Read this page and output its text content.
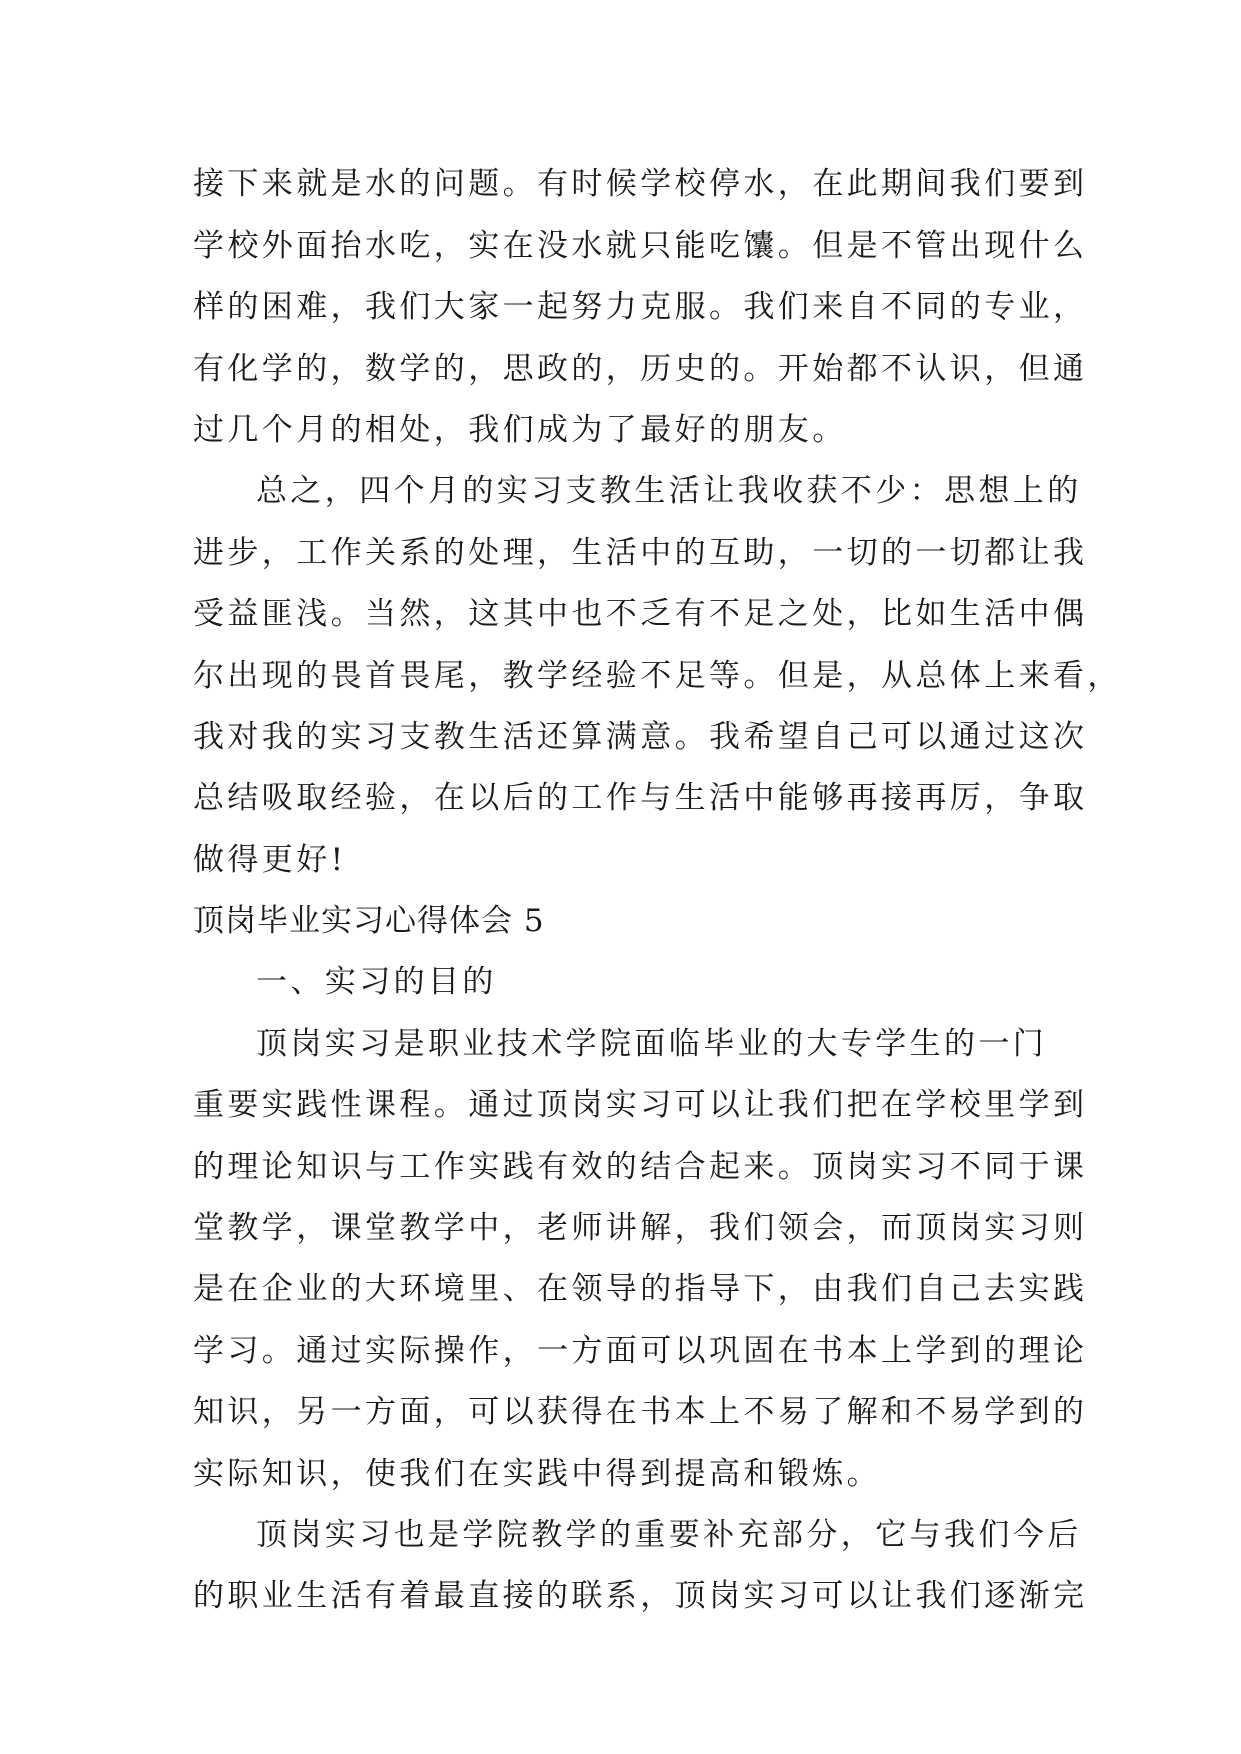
接下来就是水的问题。有时候学校停水，在此期间我们要到
学校外面抬水吃，实在没水就只能吃馕。但是不管出现什么
样的困难，我们大家一起努力克服。我们来自不同的专业，
有化学的，数学的，思政的，历史的。开始都不认识，但通
过几个月的相处，我们成为了最好的朋友。
总之，四个月的实习支教生活让我收获不少：思想上的
进步，工作关系的处理，生活中的互助，一切的一切都让我
受益匪浅。当然，这其中也不乏有不足之处，比如生活中偶
尔出现的畏首畏尾，教学经验不足等。但是，从总体上来看，
我对我的实习支教生活还算满意。我希望自己可以通过这次
总结吸取经验，在以后的工作与生活中能够再接再厉，争取
做得更好!
顶岗毕业实习心得体会 5
一、实习的目的
顶岗实习是职业技术学院面临毕业的大专学生的一门
重要实践性课程。通过顶岗实习可以让我们把在学校里学到
的理论知识与工作实践有效的结合起来。顶岗实习不同于课
堂教学，课堂教学中，老师讲解，我们领会，而顶岗实习则
是在企业的大环境里、在领导的指导下，由我们自己去实践
学习。通过实际操作，一方面可以巩固在书本上学到的理论
知识，另一方面，可以获得在书本上不易了解和不易学到的
实际知识，使我们在实践中得到提高和锻炼。
顶岗实习也是学院教学的重要补充部分，它与我们今后
的职业生活有着最直接的联系，顶岗实习可以让我们逐渐完
